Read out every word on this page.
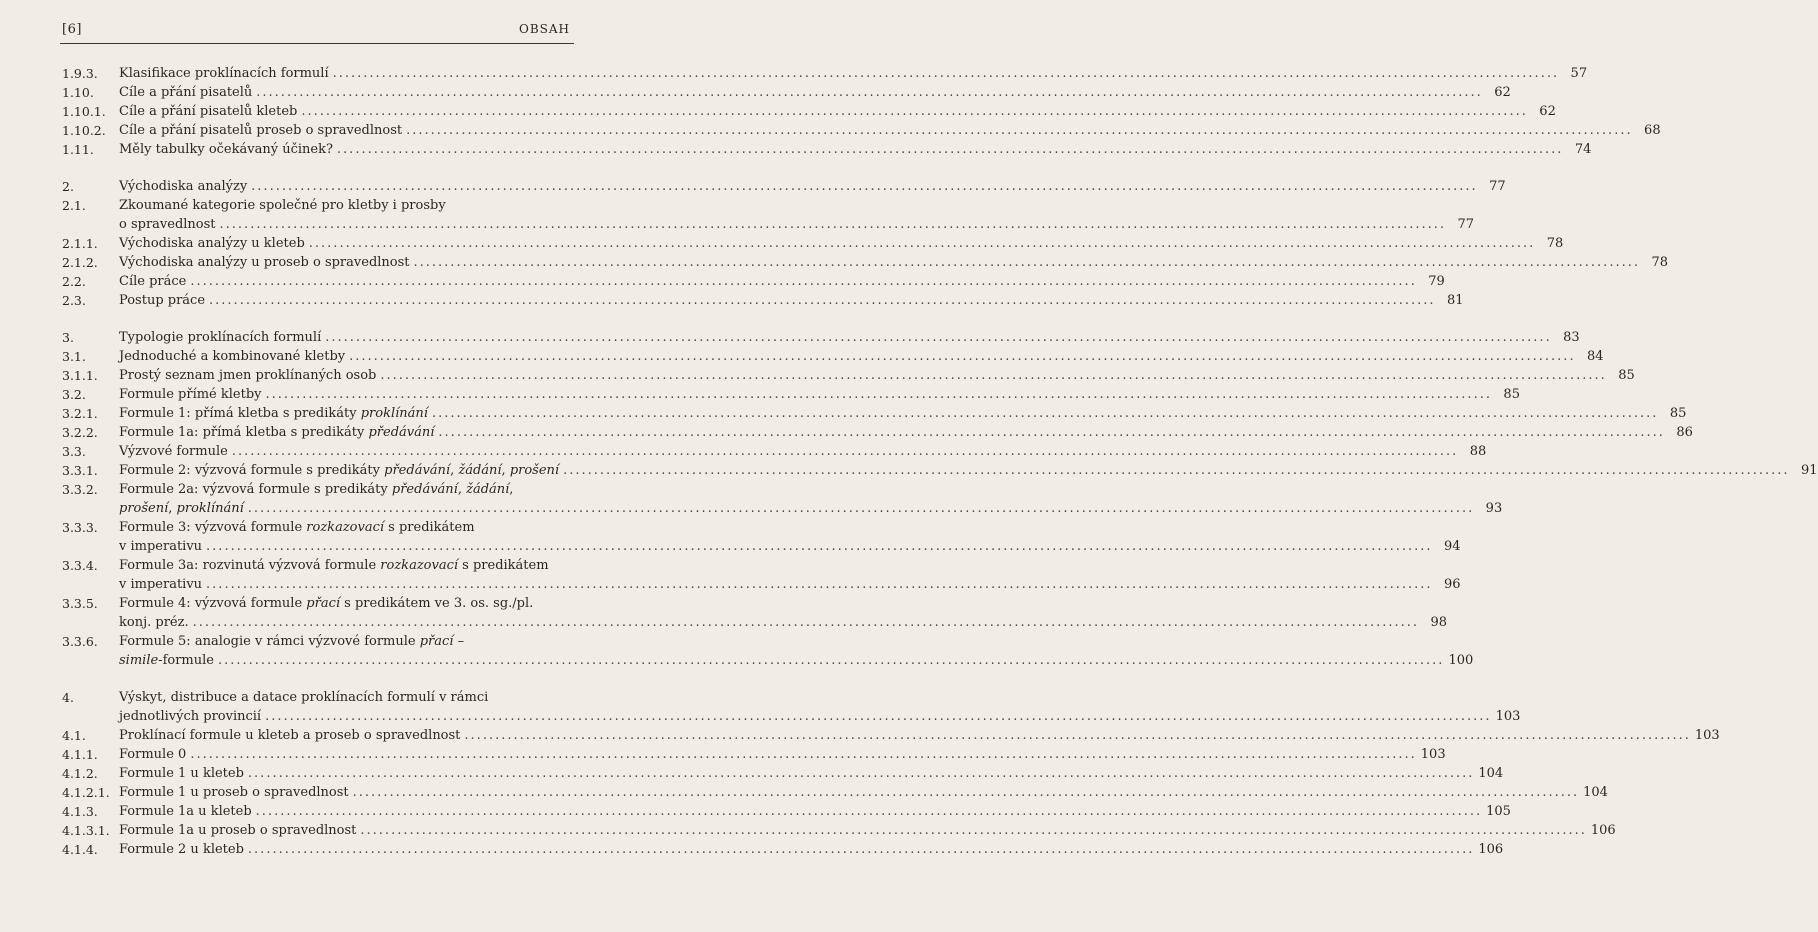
[6]	OBSAH
1.9.3.	Klasifikace proklínacích formulí ........................................................................................................................................................................................................ 57
1.10.	Cíle a přání pisatelů ........................................................................................................................................................................................................ 62
1.10.1.	Cíle a přání pisatelů kleteb ........................................................................................................................................................................................................ 62
1.10.2.	Cíle a přání pisatelů proseb o spravedlnost ........................................................................................................................................................................................................ 68
1.11.	Měly tabulky očekávaný účinek? ........................................................................................................................................................................................................ 74
2.	Východiska analýzy ........................................................................................................................................................................................................ 77
2.1.	Zkoumané kategorie společné pro kletby i prosby
o spravedlnost ........................................................................................................................................................................................................ 77
2.1.1.	Východiska analýzy u kleteb ........................................................................................................................................................................................................ 78
2.1.2.	Východiska analýzy u proseb o spravedlnost ........................................................................................................................................................................................................ 78
2.2.	Cíle práce ........................................................................................................................................................................................................ 79
2.3.	Postup práce ........................................................................................................................................................................................................ 81
3.	Typologie proklínacích formulí ........................................................................................................................................................................................................ 83
3.1.	Jednoduché a kombinované kletby ........................................................................................................................................................................................................ 84
3.1.1.	Prostý seznam jmen proklínaných osob ........................................................................................................................................................................................................ 85
3.2.	Formule přímé kletby ........................................................................................................................................................................................................ 85
3.2.1.	Formule 1: přímá kletba s predikáty proklínání ........................................................................................................................................................................................................ 85
3.2.2.	Formule 1a: přímá kletba s predikáty předávání ........................................................................................................................................................................................................ 86
3.3.	Výzvové formule ........................................................................................................................................................................................................ 88
3.3.1.	Formule 2: výzvová formule s predikáty předávání, žádání, prošení ........................................................................................................................................................................................................ 91
3.3.2.	Formule 2a: výzvová formule s predikáty předávání, žádání,
prošení, proklínání ........................................................................................................................................................................................................ 93
3.3.3.	Formule 3: výzvová formule rozkazovací s predikátem
v imperativu ........................................................................................................................................................................................................ 94
3.3.4.	Formule 3a: rozvinutá výzvová formule rozkazovací s predikátem
v imperativu ........................................................................................................................................................................................................ 96
3.3.5.	Formule 4: výzvová formule přací s predikátem ve 3. os. sg./pl.
konj. préz. ........................................................................................................................................................................................................ 98
3.3.6.	Formule 5: analogie v rámci výzvové formule přací –
simile-formule ........................................................................................................................................................................................................ 100
4.	Výskyt, distribuce a datace proklínacích formulí v rámci
jednotlivých provincií ........................................................................................................................................................................................................ 103
4.1.	Proklínací formule u kleteb a proseb o spravedlnost ........................................................................................................................................................................................................ 103
4.1.1.	Formule 0 ........................................................................................................................................................................................................ 103
4.1.2.	Formule 1 u kleteb ........................................................................................................................................................................................................ 104
4.1.2.1. Formule 1 u proseb o spravedlnost ........................................................................................................................................................................................................ 104
4.1.3.	Formule 1a u kleteb ........................................................................................................................................................................................................ 105
4.1.3.1. Formule 1a u proseb o spravedlnost ........................................................................................................................................................................................................ 106
4.1.4.	Formule 2 u kleteb ........................................................................................................................................................................................................ 106
